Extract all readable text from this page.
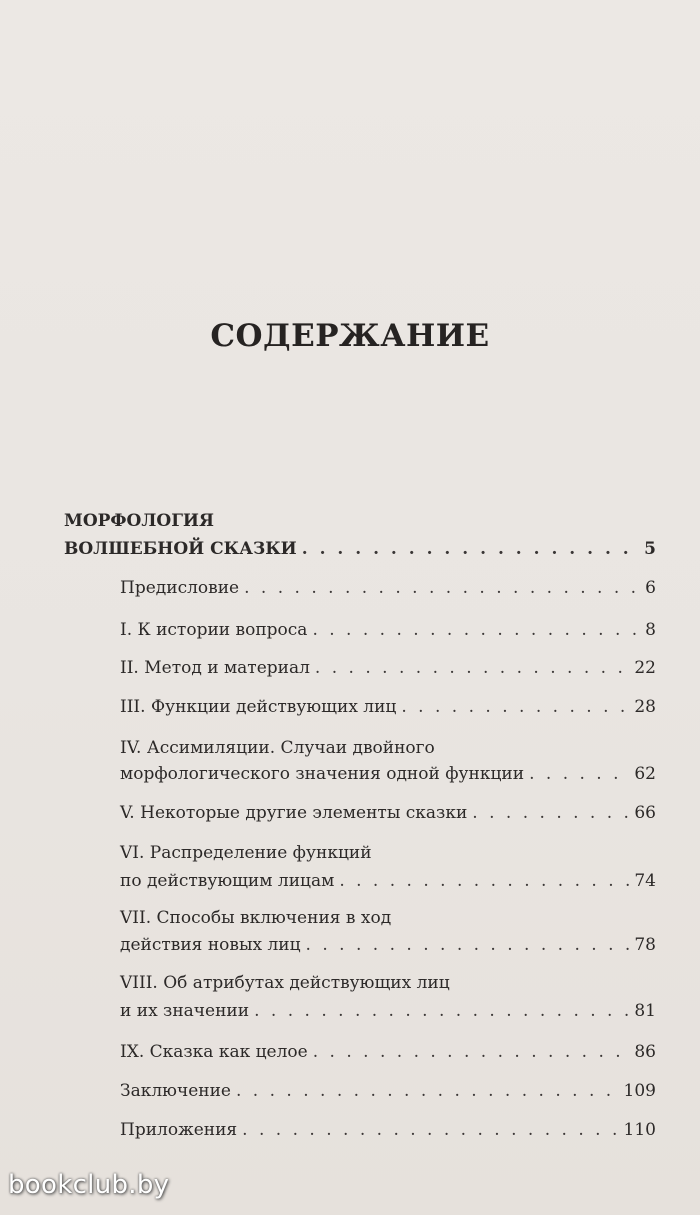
СОДЕРЖАНИЕ
МОРФОЛОГИЯ
ВОЛШЕБНОЙ СКАЗКИ . . .	5
Предисловие . . .	6
I. К истории вопроса . . .	8
II. Метод и материал . . .	22
III. Функции действующих лиц . . .	28
IV. Ассимиляции. Случаи двойного
морфологического значения одной функции . . .	62
V. Некоторые другие элементы сказки . . .	66
VI. Распределение функций
по действующим лицам . . .	74
VII. Способы включения в ход
действия новых лиц . . .	78
VIII. Об атрибутах действующих лиц
и их значении . . .	81
IX. Сказка как целое . . .	86
Заключение . . .	109
Приложения . . .	110
bookclub.by
